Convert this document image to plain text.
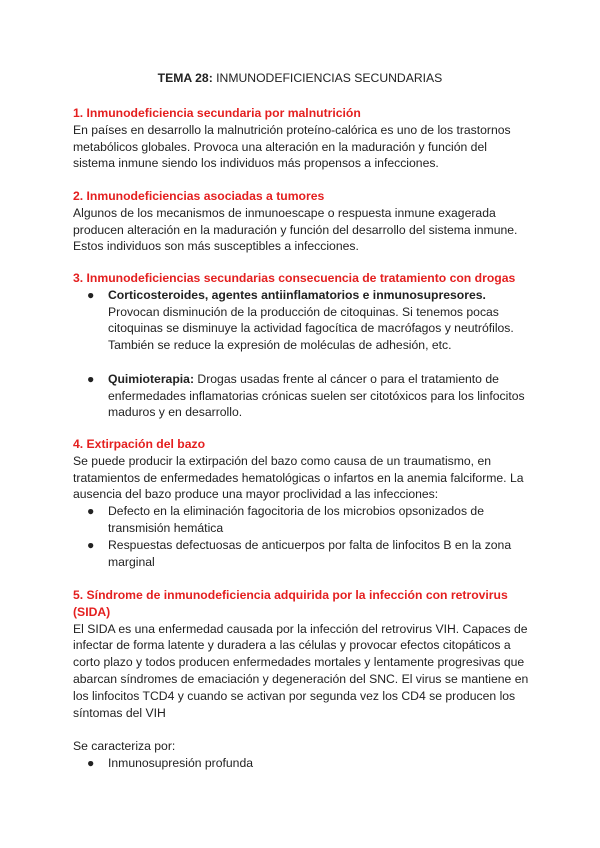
TEMA 28: INMUNODEFICIENCIAS SECUNDARIAS
1. Inmunodeficiencia secundaria por malnutrición
En países en desarrollo la malnutrición proteíno-calórica es uno de los trastornos
metabólicos globales. Provoca una alteración en la maduración y función del
sistema inmune siendo los individuos más propensos a infecciones.
2. Inmunodeficiencias asociadas a tumores
Algunos de los mecanismos de inmunoescape o respuesta inmune exagerada
producen alteración en la maduración y función del desarrollo del sistema inmune.
Estos individuos son más susceptibles a infecciones.
3. Inmunodeficiencias secundarias consecuencia de tratamiento con drogas
● Corticosteroides, agentes antiinflamatorios e inmunosupresores.
Provocan disminución de la producción de citoquinas. Si tenemos pocas
citoquinas se disminuye la actividad fagocítica de macrófagos y neutrófilos.
También se reduce la expresión de moléculas de adhesión, etc.
● Quimioterapia: Drogas usadas frente al cáncer o para el tratamiento de
enfermedades inflamatorias crónicas suelen ser citotóxicos para los linfocitos
maduros y en desarrollo.
4. Extirpación del bazo
Se puede producir la extirpación del bazo como causa de un traumatismo, en
tratamientos de enfermedades hematológicas o infartos en la anemia falciforme. La
ausencia del bazo produce una mayor proclividad a las infecciones:
● Defecto en la eliminación fagocitoria de los microbios opsonizados de
transmisión hemática
● Respuestas defectuosas de anticuerpos por falta de linfocitos B en la zona
marginal
5. Síndrome de inmunodeficiencia adquirida por la infección con retrovirus
(SIDA)
El SIDA es una enfermedad causada por la infección del retrovirus VIH. Capaces de
infectar de forma latente y duradera a las células y provocar efectos citopáticos a
corto plazo y todos producen enfermedades mortales y lentamente progresivas que
abarcan síndromes de emaciación y degeneración del SNC. El virus se mantiene en
los linfocitos TCD4 y cuando se activan por segunda vez los CD4 se producen los
síntomas del VIH
Se caracteriza por:
● Inmunosupresión profunda
